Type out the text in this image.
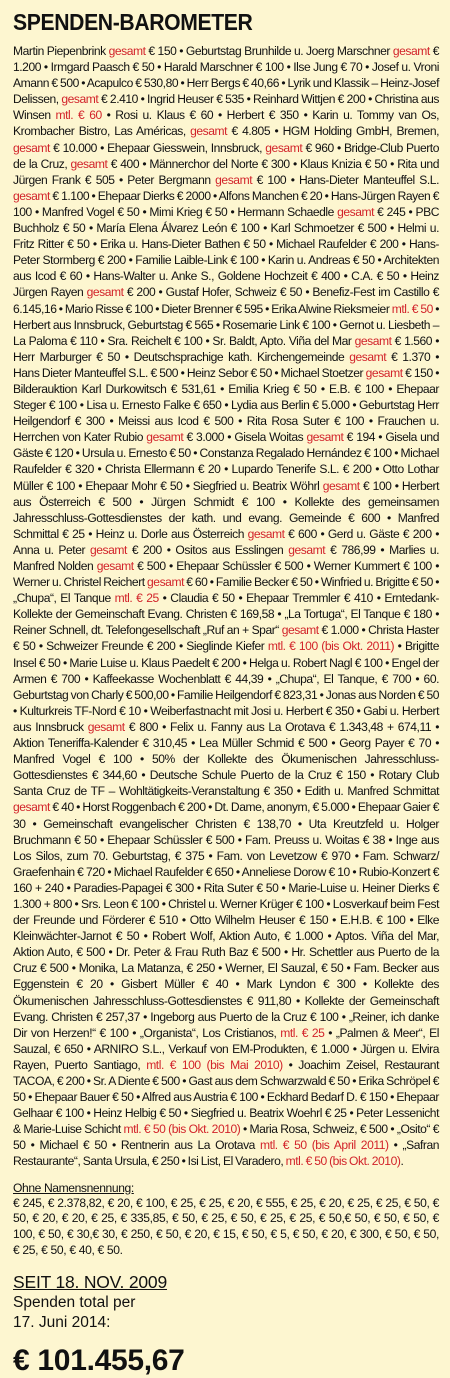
SPENDEN-BAROMETER
Martin Piepenbrink gesamt € 150 • Geburtstag Brunhilde u. Joerg Marschner gesamt € 1.200 • Irmgard Paasch € 50 • Harald Marschner € 100 • Ilse Jung € 70 • Josef u. Vroni Amann € 500 • Acapulco € 530,80 • Herr Bergs € 40,66 • Lyrik und Klassik – Heinz-Josef Delissen, gesamt € 2.410 • Ingrid Heuser € 535 • Reinhard Wittjen € 200 • Christina aus Winsen mtl. € 60 • Rosi u. Klaus € 60 • Herbert € 350 • Karin u. Tommy van Os, Krombacher Bistro, Las Américas, gesamt € 4.805 • HGM Holding GmbH, Bremen, gesamt € 10.000 • Ehepaar Giesswein, Innsbruck, gesamt € 960 • Bridge-Club Puerto de la Cruz, gesamt € 400 • Männerchor del Norte € 300 • Klaus Knizia € 50 • Rita und Jürgen Frank € 505 • Peter Bergmann gesamt € 100 • Hans-Dieter Manteuffel S.L. gesamt € 1.100 • Ehepaar Dierks € 2000 • Alfons Manchen € 20 • Hans-Jürgen Rayen € 100 • Manfred Vogel € 50 • Mimi Krieg € 50 • Hermann Schaedle gesamt € 245 • PBC Buchholz € 50 • María Elena Álvarez León € 100 • Karl Schmoetzer € 500 • Helmi u. Fritz Ritter € 50 • Erika u. Hans-Dieter Bathen € 50 • Michael Raufelder € 200 • Hans-Peter Stormberg € 200 • Familie Laible-Link € 100 • Karin u. Andreas € 50 • Architekten aus Icod € 60 • Hans-Walter u. Anke S., Goldene Hochzeit € 400 • C.A. € 50 • Heinz Jürgen Rayen gesamt € 200 • Gustaf Hofer, Schweiz € 50 • Benefiz-Fest im Castillo € 6.145,16 • Mario Risse € 100 • Dieter Brenner € 595 • Erika Alwine Rieksmeier mtl. € 50 • Herbert aus Innsbruck, Geburtstag € 565 • Rosemarie Link € 100 • Gernot u. Liesbeth – La Paloma € 110 • Sra. Reichelt € 100 • Sr. Baldt, Apto. Viña del Mar gesamt € 1.560 • Herr Marburger € 50 • Deutschsprachige kath. Kirchengemeinde gesamt € 1.370 • Hans Dieter Manteuffel S.L. € 500 • Heinz Sebor € 50 • Michael Stoetzer gesamt € 150 • Bilderauktion Karl Durkowitsch € 531,61 • Emilia Krieg € 50 • E.B. € 100 • Ehepaar Steger € 100 • Lisa u. Ernesto Falke € 650 • Lydia aus Berlin € 5.000 • Geburtstag Herr Heilgendorf € 300 • Meissi aus Icod € 500 • Rita Rosa Suter € 100 • Frauchen u. Herrchen von Kater Rubio gesamt € 3.000 • Gisela Woitas gesamt € 194 • Gisela und Gäste € 120 • Ursula u. Ernesto € 50 • Constanza Regalado Hernández € 100 • Michael Raufelder € 320 • Christa Ellermann € 20 • Lupardo Tenerife S.L. € 200 • Otto Lothar Müller € 100 • Ehepaar Mohr € 50 • Siegfried u. Beatrix Wöhrl gesamt € 100 • Herbert aus Österreich € 500 • Jürgen Schmidt € 100 • Kollekte des gemeinsamen Jahresschluss-Gottesdienstes der kath. und evang. Gemeinde € 600 • Manfred Schmittal € 25 • Heinz u. Dorle aus Österreich gesamt € 600 • Gerd u. Gäste € 200 • Anna u. Peter gesamt € 200 • Ositos aus Esslingen gesamt € 786,99 • Marlies u. Manfred Nolden gesamt € 500 • Ehepaar Schüssler € 500 • Werner Kummert € 100 • Werner u. Christel Reichert gesamt € 60 • Familie Becker € 50 • Winfried u. Brigitte € 50 • „Chupa“, El Tanque mtl. € 25 • Claudia € 50 • Ehepaar Tremmler € 410 • Erntedank-Kollekte der Gemeinschaft Evang. Christen € 169,58 • „La Tortuga“, El Tanque € 180 • Reiner Schnell, dt. Telefongesellschaft „Ruf an + Spar“ gesamt € 1.000 • Christa Haster € 50 • Schweizer Freunde € 200 • Sieglinde Kiefer mtl. € 100 (bis Okt. 2011) • Brigitte Insel € 50 • Marie Luise u. Klaus Paedelt € 200 • Helga u. Robert Nagl € 100 • Engel der Armen € 700 • Kaffeekasse Wochenblatt € 44,39 • „Chupa“, El Tanque, € 700 • 60. Geburtstag von Charly € 500,00 • Familie Heilgendorf € 823,31 • Jonas aus Norden € 50 • Kulturkreis TF-Nord € 10 • Weiberfastnacht mit Josi u. Herbert € 350 • Gabi u. Herbert aus Innsbruck gesamt € 800 • Felix u. Fanny aus La Orotava € 1.343,48 + 674,11 • Aktion Teneriffa-Kalender € 310,45 • Lea Müller Schmid € 500 • Georg Payer € 70 • Manfred Vogel € 100 • 50% der Kollekte des Ökumenischen Jahresschluss-Gottesdienstes € 344,60 • Deutsche Schule Puerto de la Cruz € 150 • Rotary Club Santa Cruz de TF – Wohltätigkeits-Veranstaltung € 350 • Edith u. Manfred Schmittat gesamt € 40 • Horst Roggenbach € 200 • Dt. Dame, anonym, € 5.000 • Ehepaar Gaier € 30 • Gemeinschaft evangelischer Christen € 138,70 • Uta Kreutzfeld u. Holger Bruchmann € 50 • Ehepaar Schüssler € 500 • Fam. Preuss u. Woitas € 38 • Inge aus Los Silos, zum 70. Geburtstag, € 375 • Fam. von Levetzow € 970 • Fam. Schwarz/ Graefenhain € 720 • Michael Raufelder € 650 • Anneliese Dorow € 10 • Rubio-Konzert € 160 + 240 • Paradies-Papagei € 300 • Rita Suter € 50 • Marie-Luise u. Heiner Dierks € 1.300 + 800 • Srs. Leon € 100 • Christel u. Werner Krüger € 100 • Losverkauf beim Fest der Freunde und Förderer € 510 • Otto Wilhelm Heuser € 150 • E.H.B. € 100 • Elke Kleinwächter-Jarnot € 50 • Robert Wolf, Aktion Auto, € 1.000 • Aptos. Viña del Mar, Aktion Auto, € 500 • Dr. Peter & Frau Ruth Baz € 500 • Hr. Schettler aus Puerto de la Cruz € 500 • Monika, La Matanza, € 250 • Werner, El Sauzal, € 50 • Fam. Becker aus Eggenstein € 20 • Gisbert Müller € 40 • Mark Lyndon € 300 • Kollekte des Ökumenischen Jahresschluss-Gottesdienstes € 911,80 • Kollekte der Gemeinschaft Evang. Christen € 257,37 • Ingeborg aus Puerto de la Cruz € 100 • „Reiner, ich danke Dir von Herzen!“ € 100 • „Organista“, Los Cristianos, mtl. € 25 • „Palmen & Meer“, El Sauzal, € 650 • ARNIRO S.L., Verkauf von EM-Produkten, € 1.000 • Jürgen u. Elvira Rayen, Puerto Santiago, mtl. € 100 (bis Mai 2010) • Joachim Zeisel, Restaurant TACOA, € 200 • Sr. A Diente € 500 • Gast aus dem Schwarzwald € 50 • Erika Schröpel € 50 • Ehepaar Bauer € 50 • Alfred aus Austria € 100 • Eckhard Bedarf D. € 150 • Ehepaar Gelhaar € 100 • Heinz Helbig € 50 • Siegfried u. Beatrix Woehrl € 25 • Peter Lessenicht & Marie-Luise Schicht mtl. € 50 (bis Okt. 2010) • Maria Rosa, Schweiz, € 500 • „Osito“ € 50 • Michael € 50 • Rentnerin aus La Orotava mtl. € 50 (bis April 2011) • „Safran Restaurante“, Santa Ursula, € 250 • Isi List, El Varadero, mtl. € 50 (bis Okt. 2010).
Ohne Namensnennung:
€ 245, € 2.378,82, € 20, € 100, € 25, € 25, € 20, € 555, € 25, € 20, € 25, € 25, € 50, € 50, € 20, € 20, € 25, € 335,85, € 50, € 25, € 50, € 25, € 25, € 50,€ 50, € 50, € 50, € 100, € 50, € 30,€ 30, € 250, € 50, € 20, € 15, € 50, € 5, € 50, € 20, € 300, € 50, € 50, € 25, € 50, € 40, € 50.
SEIT 18. NOV. 2009
Spenden total per
17. Juni 2014:
€ 101.455,67
